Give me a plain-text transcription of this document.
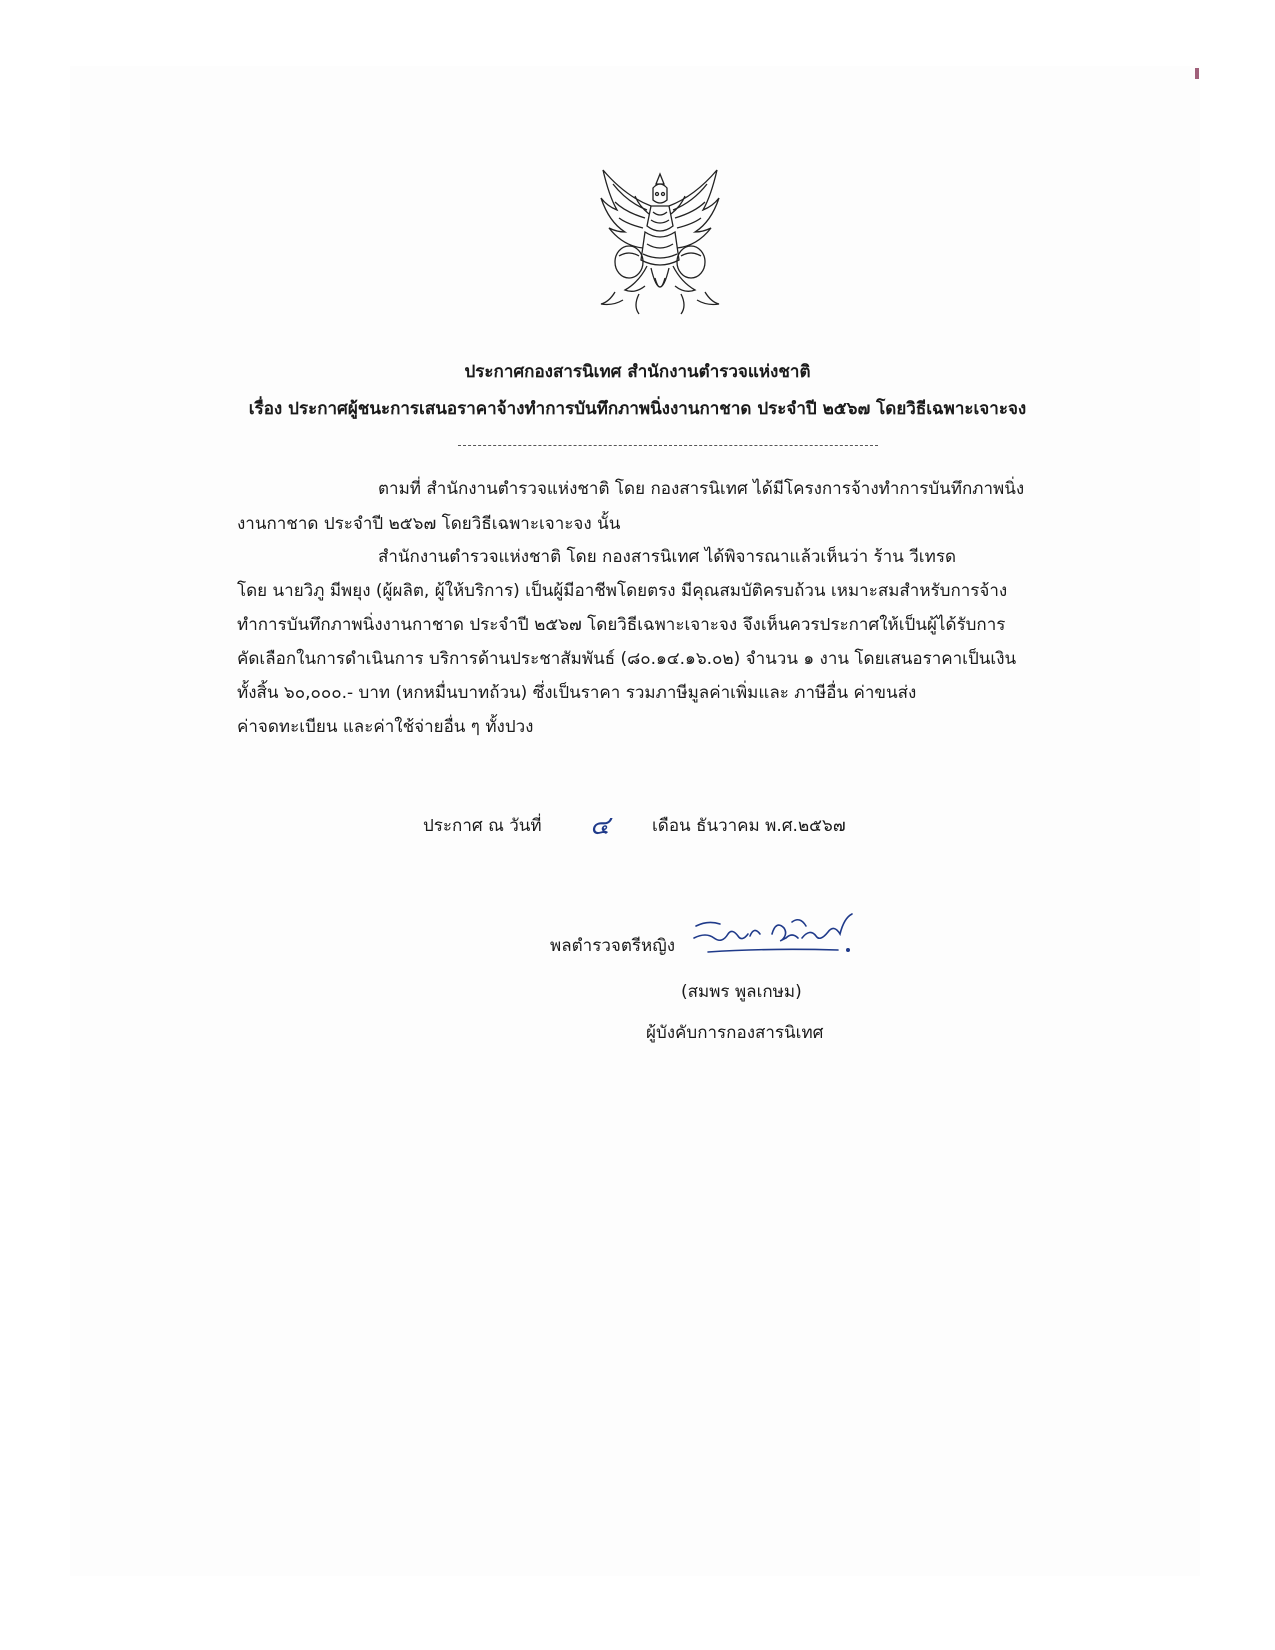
ประกาศกองสารนิเทศ สำนักงานตำรวจแห่งชาติ
เรื่อง ประกาศผู้ชนะการเสนอราคาจ้างทำการบันทึกภาพนิ่งงานกาชาด ประจำปี ๒๕๖๗ โดยวิธีเฉพาะเจาะจง
ตามที่ สำนักงานตำรวจแห่งชาติ โดย กองสารนิเทศ ได้มีโครงการจ้างทำการบันทึกภาพนิ่ง
งานกาชาด ประจำปี ๒๕๖๗ โดยวิธีเฉพาะเจาะจง นั้น
สำนักงานตำรวจแห่งชาติ โดย กองสารนิเทศ ได้พิจารณาแล้วเห็นว่า ร้าน วีเทรด
โดย นายวิภู มีพยุง (ผู้ผลิต, ผู้ให้บริการ) เป็นผู้มีอาชีพโดยตรง มีคุณสมบัติครบถ้วน เหมาะสมสำหรับการจ้าง
ทำการบันทึกภาพนิ่งงานกาชาด ประจำปี ๒๕๖๗ โดยวิธีเฉพาะเจาะจง จึงเห็นควรประกาศให้เป็นผู้ได้รับการ
คัดเลือกในการดำเนินการ บริการด้านประชาสัมพันธ์ (๘๐.๑๔.๑๖.๐๒) จำนวน ๑ งาน โดยเสนอราคาเป็นเงิน
ทั้งสิ้น ๖๐,๐๐๐.- บาท (หกหมื่นบาทถ้วน) ซึ่งเป็นราคา รวมภาษีมูลค่าเพิ่มและ ภาษีอื่น ค่าขนส่ง
ค่าจดทะเบียน และค่าใช้จ่ายอื่น ๆ ทั้งปวง
ประกาศ ณ วันที่ ๔ เดือน ธันวาคม พ.ศ.๒๕๖๗
พลตำรวจตรีหญิง
(สมพร พูลเกษม)
ผู้บังคับการกองสารนิเทศ
